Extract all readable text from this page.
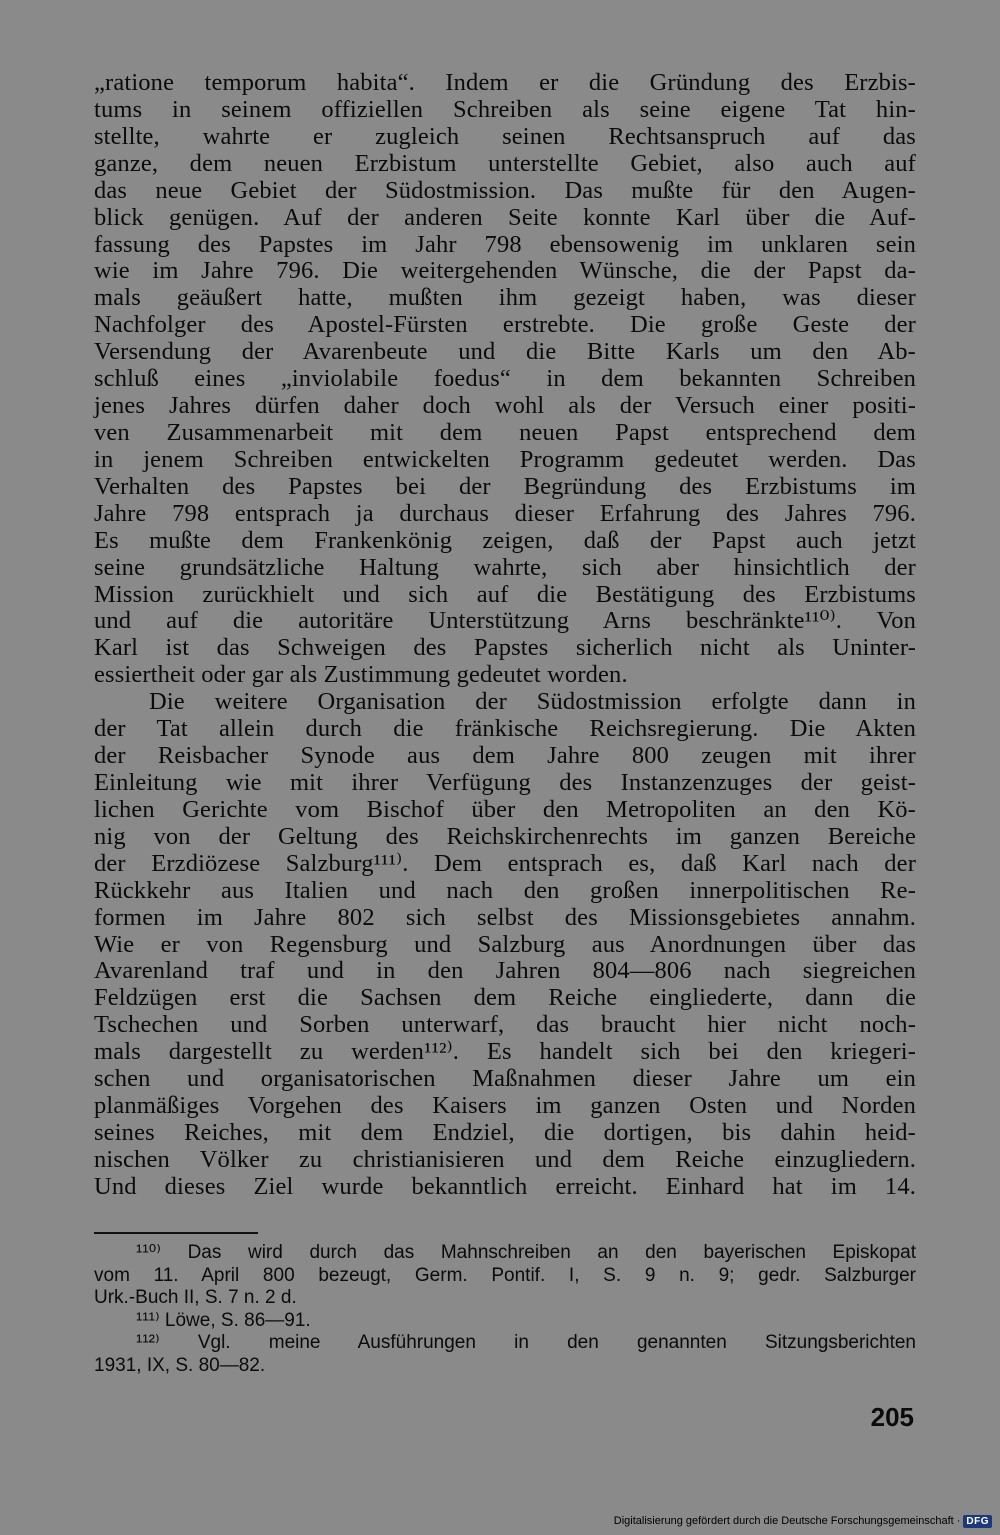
„ratione temporum habita“. Indem er die Gründung des Erzbis-
tums in seinem offiziellen Schreiben als seine eigene Tat hin-
stellte, wahrte er zugleich seinen Rechtsanspruch auf das
ganze, dem neuen Erzbistum unterstellte Gebiet, also auch auf
das neue Gebiet der Südostmission. Das mußte für den Augen-
blick genügen. Auf der anderen Seite konnte Karl über die Auf-
fassung des Papstes im Jahr 798 ebensowenig im unklaren sein
wie im Jahre 796. Die weitergehenden Wünsche, die der Papst da-
mals geäußert hatte, mußten ihm gezeigt haben, was dieser
Nachfolger des Apostel-Fürsten erstrebte. Die große Geste der
Versendung der Avarenbeute und die Bitte Karls um den Ab-
schluß eines „inviolabile foedus“ in dem bekannten Schreiben
jenes Jahres dürfen daher doch wohl als der Versuch einer positi-
ven Zusammenarbeit mit dem neuen Papst entsprechend dem
in jenem Schreiben entwickelten Programm gedeutet werden. Das
Verhalten des Papstes bei der Begründung des Erzbistums im
Jahre 798 entsprach ja durchaus dieser Erfahrung des Jahres 796.
Es mußte dem Frankenkönig zeigen, daß der Papst auch jetzt
seine grundsätzliche Haltung wahrte, sich aber hinsichtlich der
Mission zurückhielt und sich auf die Bestätigung des Erzbistums
und auf die autoritäre Unterstützung Arns beschränkte¹¹⁰⁾. Von
Karl ist das Schweigen des Papstes sicherlich nicht als Uninter-
essiertheit oder gar als Zustimmung gedeutet worden.
Die weitere Organisation der Südostmission erfolgte dann in
der Tat allein durch die fränkische Reichsregierung. Die Akten
der Reisbacher Synode aus dem Jahre 800 zeugen mit ihrer
Einleitung wie mit ihrer Verfügung des Instanzenzuges der geist-
lichen Gerichte vom Bischof über den Metropoliten an den Kö-
nig von der Geltung des Reichskirchenrechts im ganzen Bereiche
der Erzdiözese Salzburg¹¹¹⁾. Dem entsprach es, daß Karl nach der
Rückkehr aus Italien und nach den großen innerpolitischen Re-
formen im Jahre 802 sich selbst des Missionsgebietes annahm.
Wie er von Regensburg und Salzburg aus Anordnungen über das
Avarenland traf und in den Jahren 804—806 nach siegreichen
Feldzügen erst die Sachsen dem Reiche eingliederte, dann die
Tschechen und Sorben unterwarf, das braucht hier nicht noch-
mals dargestellt zu werden¹¹²⁾. Es handelt sich bei den kriegeri-
schen und organisatorischen Maßnahmen dieser Jahre um ein
planmäßiges Vorgehen des Kaisers im ganzen Osten und Norden
seines Reiches, mit dem Endziel, die dortigen, bis dahin heid-
nischen Völker zu christianisieren und dem Reiche einzugliedern.
Und dieses Ziel wurde bekanntlich erreicht. Einhard hat im 14.
¹¹⁰⁾ Das wird durch das Mahnschreiben an den bayerischen Episkopat
vom 11. April 800 bezeugt, Germ. Pontif. I, S. 9 n. 9; gedr. Salzburger
Urk.-Buch II, S. 7 n. 2 d.
¹¹¹⁾ Löwe, S. 86—91.
¹¹²⁾ Vgl. meine Ausführungen in den genannten Sitzungsberichten
1931, IX, S. 80—82.
205
Digitalisierung gefördert durch die Deutsche Forschungsgemeinschaft · DFG
